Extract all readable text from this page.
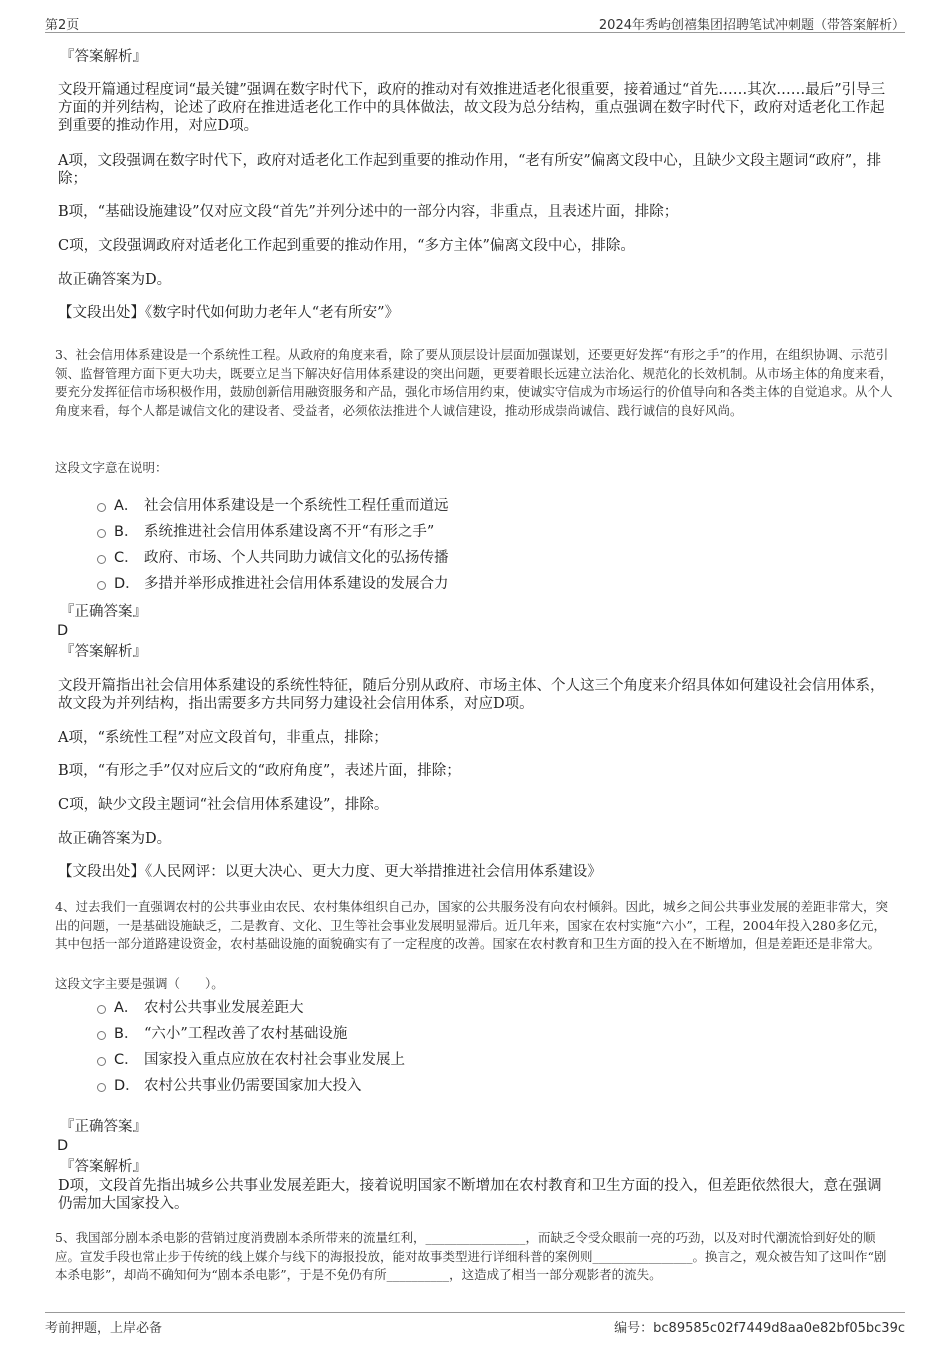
第2页	2024年秀屿创禧集团招聘笔试冲刺题（带答案解析）

『答案解析』

文段开篇通过程度词“最关键”强调在数字时代下，政府的推动对有效推进适老化很重要，接着通过“首先……其次……最后”引导三方面的并列结构，论述了政府在推进适老化工作中的具体做法，故文段为总分结构，重点强调在数字时代下，政府对适老化工作起到重要的推动作用，对应D项。

A项，文段强调在数字时代下，政府对适老化工作起到重要的推动作用，“老有所安”偏离文段中心，且缺少文段主题词“政府”，排除；

B项，“基础设施建设”仅对应文段“首先”并列分述中的一部分内容，非重点，且表述片面，排除；

C项，文段强调政府对适老化工作起到重要的推动作用，“多方主体”偏离文段中心，排除。

故正确答案为D。

【文段出处】《数字时代如何助力老年人“老有所安”》

3、社会信用体系建设是一个系统性工程。从政府的角度来看，除了要从顶层设计层面加强谋划，还要更好发挥“有形之手”的作用，在组织协调、示范引领、监督管理方面下更大功夫，既要立足当下解决好信用体系建设的突出问题，更要着眼长远建立法治化、规范化的长效机制。从市场主体的角度来看，要充分发挥征信市场积极作用，鼓励创新信用融资服务和产品，强化市场信用约束，使诚实守信成为市场运行的价值导向和各类主体的自觉追求。从个人角度来看，每个人都是诚信文化的建设者、受益者，必须依法推进个人诚信建设，推动形成崇尚诚信、践行诚信的良好风尚。

这段文字意在说明：

A． 社会信用体系建设是一个系统性工程任重而道远
B． 系统推进社会信用体系建设离不开“有形之手”
C． 政府、市场、个人共同助力诚信文化的弘扬传播
D． 多措并举形成推进社会信用体系建设的发展合力

『正确答案』

D

『答案解析』

文段开篇指出社会信用体系建设的系统性特征，随后分别从政府、市场主体、个人这三个角度来介绍具体如何建设社会信用体系，故文段为并列结构，指出需要多方共同努力建设社会信用体系，对应D项。

A项，“系统性工程”对应文段首句，非重点，排除；

B项，“有形之手”仅对应后文的“政府角度”，表述片面，排除；

C项，缺少文段主题词“社会信用体系建设”，排除。

故正确答案为D。

【文段出处】《人民网评：以更大决心、更大力度、更大举措推进社会信用体系建设》

4、过去我们一直强调农村的公共事业由农民、农村集体组织自己办，国家的公共服务没有向农村倾斜。因此，城乡之间公共事业发展的差距非常大，突出的问题，一是基础设施缺乏，二是教育、文化、卫生等社会事业发展明显滞后。近几年来，国家在农村实施“六小”，工程，2004年投入280多亿元，其中包括一部分道路建设资金，农村基础设施的面貌确实有了一定程度的改善。国家在农村教育和卫生方面的投入在不断增加，但是差距还是非常大。

这段文字主要是强调（　　）。

A． 农村公共事业发展差距大
B． “六小”工程改善了农村基础设施
C． 国家投入重点应放在农村社会事业发展上
D． 农村公共事业仍需要国家加大投入

『正确答案』

D

『答案解析』

D项，文段首先指出城乡公共事业发展差距大，接着说明国家不断增加在农村教育和卫生方面的投入，但差距依然很大，意在强调仍需加大国家投入。

5、我国部分剧本杀电影的营销过度消费剧本杀所带来的流量红利，________________，而缺乏令受众眼前一亮的巧劲，以及对时代潮流恰到好处的顺应。宣发手段也常止步于传统的线上媒介与线下的海报投放，能对故事类型进行详细科普的案例则________________。换言之，观众被告知了这叫作“剧本杀电影”，却尚不确知何为“剧本杀电影”，于是不免仍有所__________，这造成了相当一部分观影者的流失。

考前押题，上岸必备	编号：bc89585c02f7449d8aa0e82bf05bc39c
